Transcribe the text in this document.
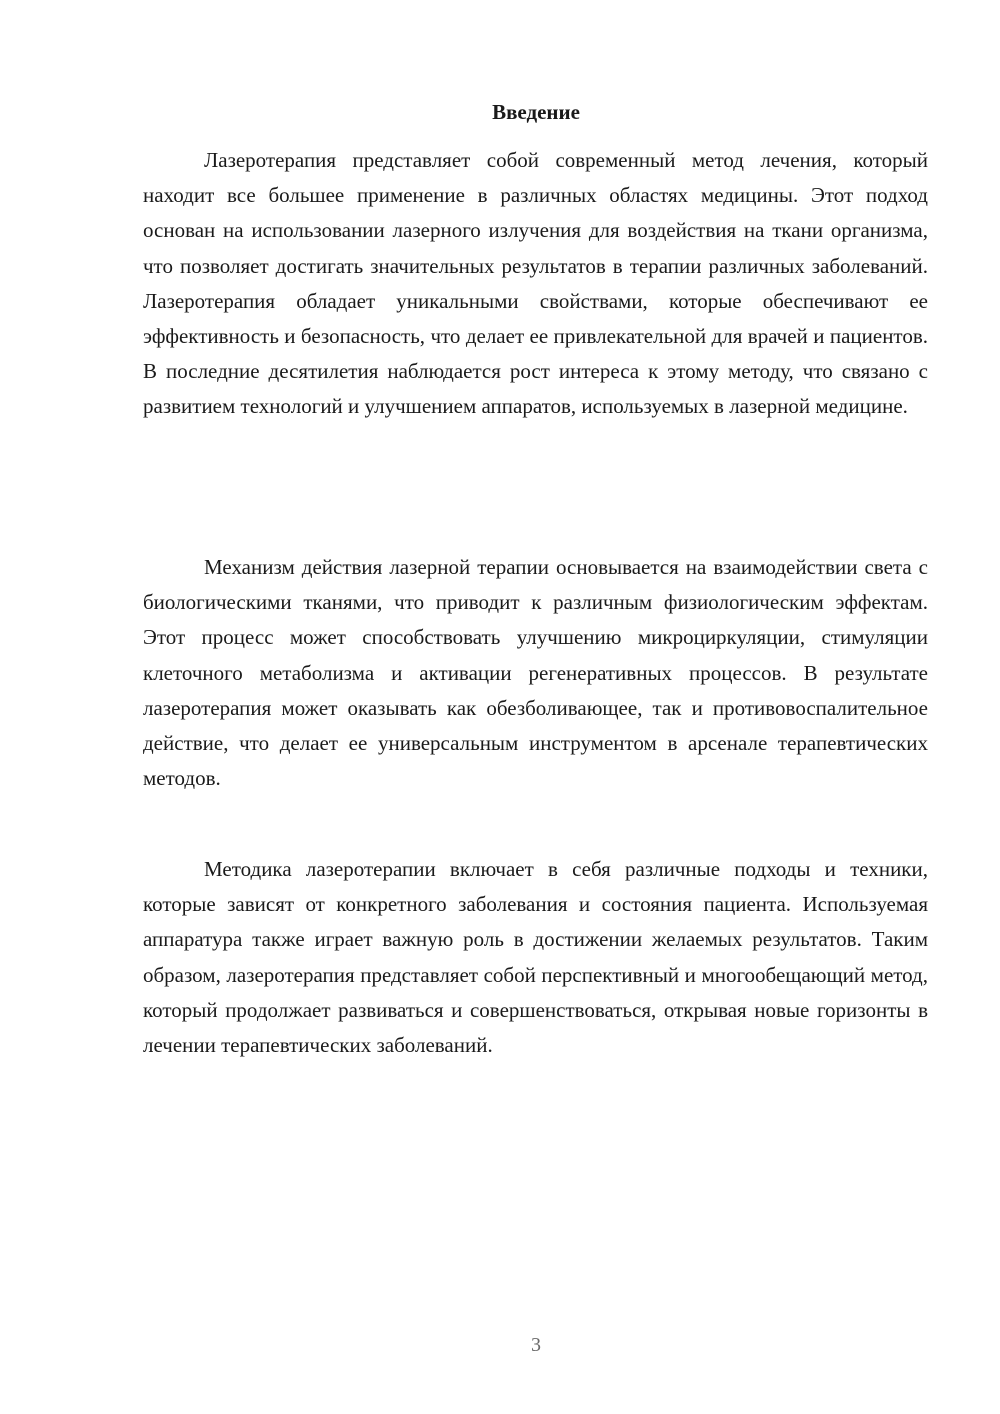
Введение

Лазеротерапия представляет собой современный метод лечения, который находит все большее применение в различных областях медицины. Этот подход основан на использовании лазерного излучения для воздействия на ткани организма, что позволяет достигать значительных результатов в терапии различных заболеваний. Лазеротерапия обладает уникальными свойствами, которые обеспечивают ее эффективность и безопасность, что делает ее привлекательной для врачей и пациентов. В последние десятилетия наблюдается рост интереса к этому методу, что связано с развитием технологий и улучшением аппаратов, используемых в лазерной медицине.

Механизм действия лазерной терапии основывается на взаимодействии света с биологическими тканями, что приводит к различным физиологическим эффектам. Этот процесс может способствовать улучшению микроциркуляции, стимуляции клеточного метаболизма и активации регенеративных процессов. В результате лазеротерапия может оказывать как обезболивающее, так и противовоспалительное действие, что делает ее универсальным инструментом в арсенале терапевтических методов.

Методика лазеротерапии включает в себя различные подходы и техники, которые зависят от конкретного заболевания и состояния пациента. Используемая аппаратура также играет важную роль в достижении желаемых результатов. Таким образом, лазеротерапия представляет собой перспективный и многообещающий метод, который продолжает развиваться и совершенствоваться, открывая новые горизонты в лечении терапевтических заболеваний.

3
